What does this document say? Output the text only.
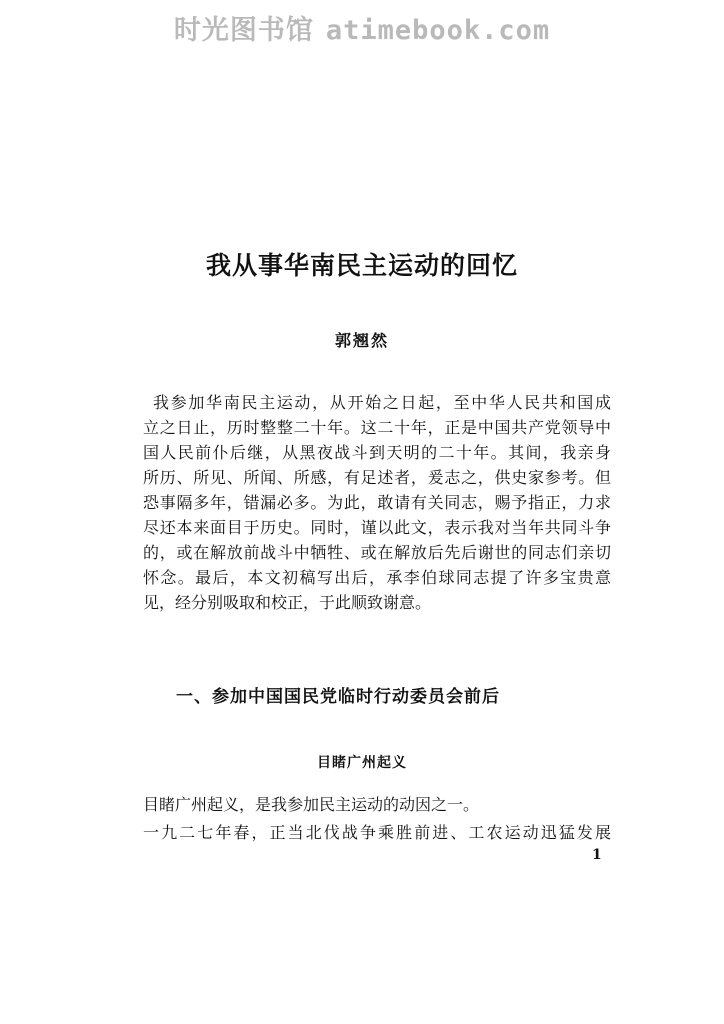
时光图书馆 atimebook.com
我从事华南民主运动的回忆
郭翘然
我参加华南民主运动，从开始之日起，至中华人民共和国成
立之日止，历时整整二十年。这二十年，正是中国共产党领导中
国人民前仆后继，从黑夜战斗到天明的二十年。其间，我亲身
所历、所见、所闻、所感，有足述者，爰志之，供史家参考。但
恐事隔多年，错漏必多。为此，敢请有关同志，赐予指正，力求
尽还本来面目于历史。同时，谨以此文，表示我对当年共同斗争
的，或在解放前战斗中牺牲、或在解放后先后谢世的同志们亲切
怀念。最后，本文初稿写出后，承李伯球同志提了许多宝贵意
见，经分别吸取和校正，于此顺致谢意。
一、参加中国国民党临时行动委员会前后
目睹广州起义
目睹广州起义，是我参加民主运动的动因之一。
一九二七年春，正当北伐战争乘胜前进、工农运动迅猛发展
1
